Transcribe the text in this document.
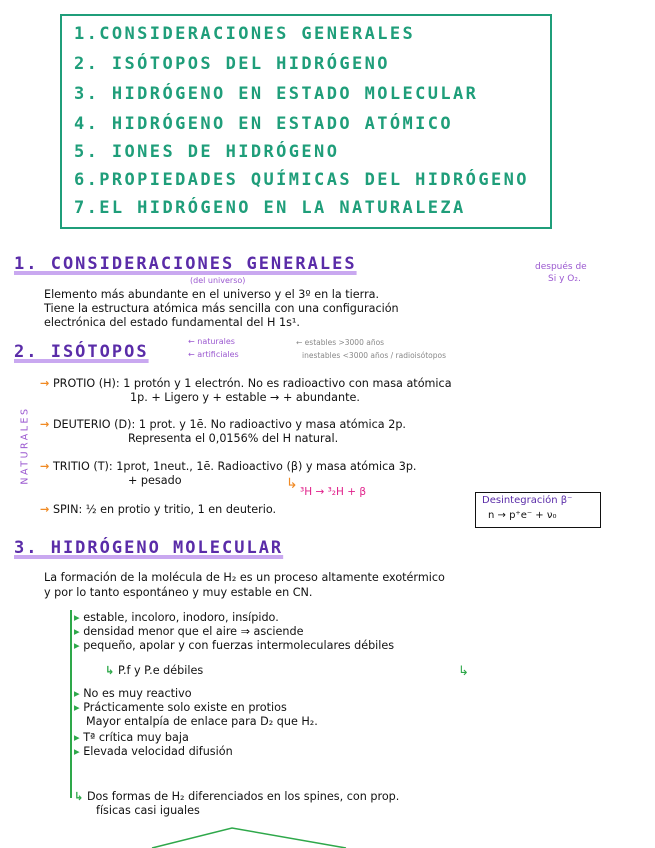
1.CONSIDERACIONES GENERALES
2. ISÓTOPOS DEL HIDRÓGENO
3. HIDRÓGENO EN ESTADO MOLECULAR
4. HIDRÓGENO EN ESTADO ATÓMICO
5. IONES DE HIDRÓGENO
6.PROPIEDADES QUÍMICAS DEL HIDRÓGENO
7.EL HIDRÓGENO EN LA NATURALEZA
1. CONSIDERACIONES GENERALES
(del universo)
después de
Si y O₂.
Elemento más abundante en el universo y el 3º en la tierra.
Tiene la estructura atómica más sencilla con una configuración
electrónica del estado fundamental del H 1s¹.
2. ISÓTOPOS
← naturales
← artificiales
← estables >3000 años
inestables <3000 años / radioisótopos
NATURALES
→ PROTIO (H): 1 protón y 1 electrón. No es radioactivo con masa atómica
1p. + Ligero y + estable → + abundante.
→ DEUTERIO (D): 1 prot. y 1ē. No radioactivo y masa atómica 2p.
Representa el 0,0156% del H natural.
→ TRITIO (T): 1prot, 1neut., 1ē. Radioactivo (β) y masa atómica 3p.
+ pesado	↳ ³H → ³₂H + β
→ SPIN: ½ en protio y tritio, 1 en deuterio.
Desintegración β⁻
n → p⁺e⁻ + ν₀
3. HIDRÓGENO MOLECULAR
La formación de la molécula de H₂ es un proceso altamente exotérmico
y por lo tanto espontáneo y muy estable en CN.
▸ estable, incoloro, inodoro, insípido.
▸ densidad menor que el aire ⇒ asciende
▸ pequeño, apolar y con fuerzas intermoleculares débiles
↳ P.f y P.e débiles	↳
▸ No es muy reactivo
▸ Prácticamente solo existe en protios
Mayor entalpía de enlace para D₂ que H₂.
▸ Tª crítica muy baja
▸ Elevada velocidad difusión
↳ Dos formas de H₂ diferenciados en los spines, con prop.
físicas casi iguales
